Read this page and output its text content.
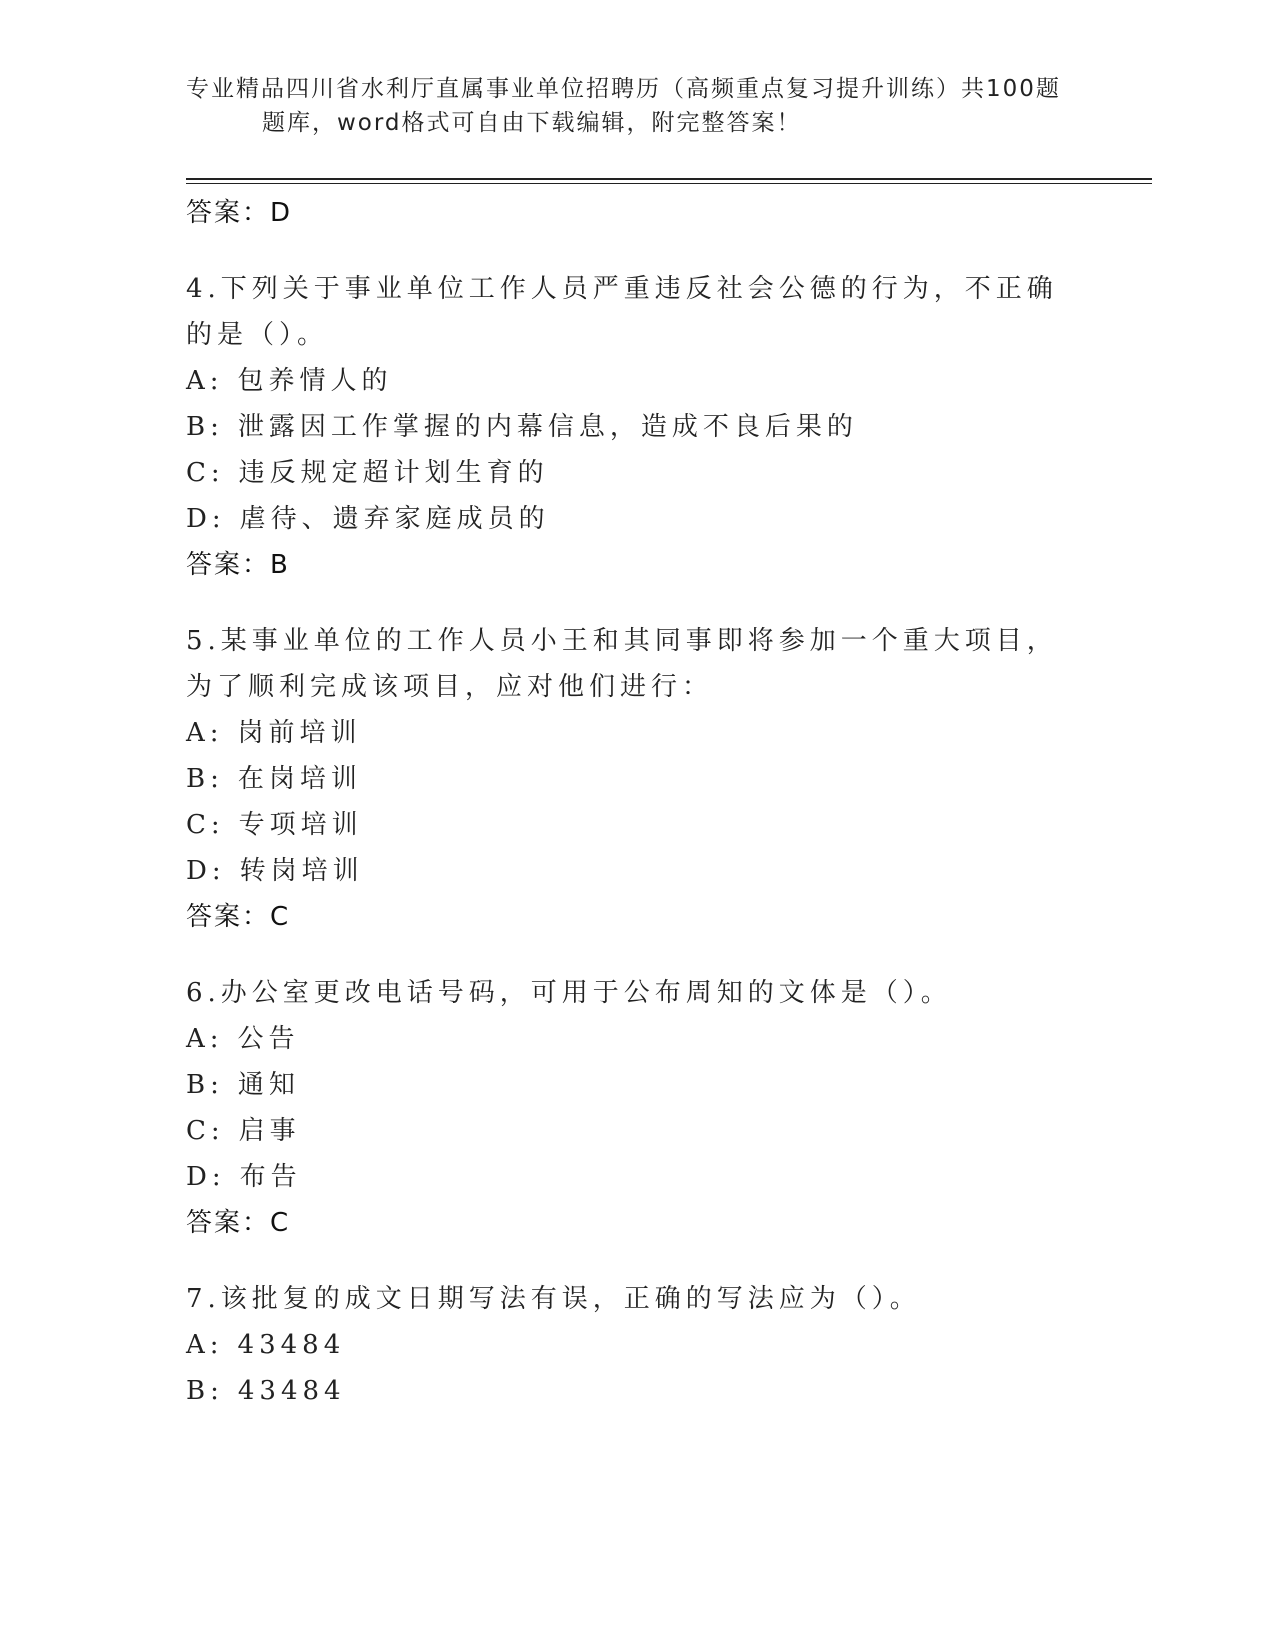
专业精品四川省水利厅直属事业单位招聘历（高频重点复习提升训练）共100题
题库，word格式可自由下载编辑，附完整答案！
答案：D
4.下列关于事业单位工作人员严重违反社会公德的行为，不正确的是（）。
A: 包养情人的
B: 泄露因工作掌握的内幕信息，造成不良后果的
C: 违反规定超计划生育的
D: 虐待、遗弃家庭成员的
答案：B
5.某事业单位的工作人员小王和其同事即将参加一个重大项目，为了顺利完成该项目，应对他们进行：
A: 岗前培训
B: 在岗培训
C: 专项培训
D: 转岗培训
答案：C
6.办公室更改电话号码，可用于公布周知的文体是（）。
A: 公告
B: 通知
C: 启事
D: 布告
答案：C
7.该批复的成文日期写法有误，正确的写法应为（）。
A: 43484
B: 43484
